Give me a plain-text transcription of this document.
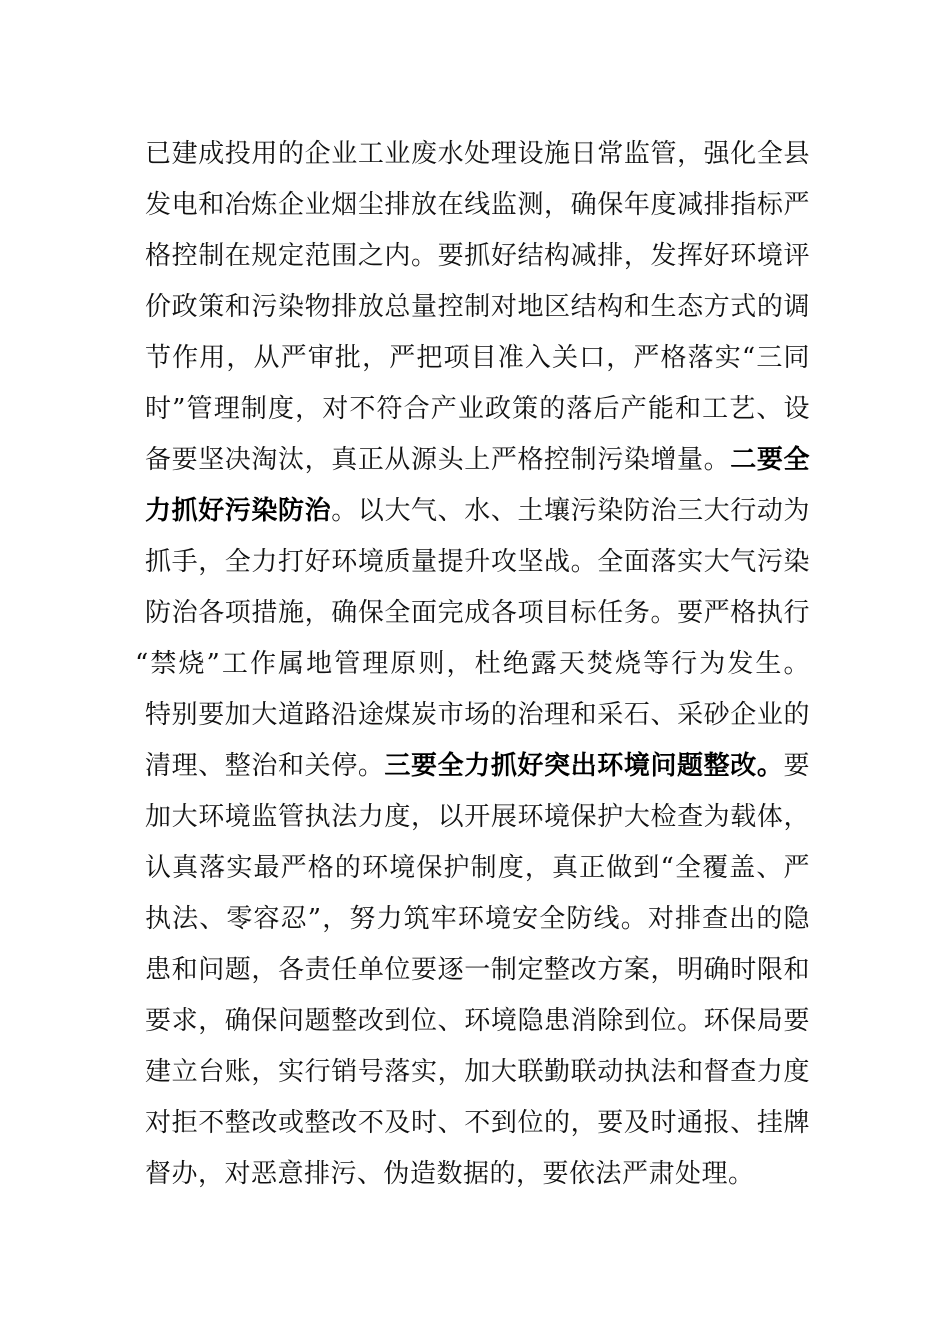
已建成投用的企业工业废水处理设施日常监管，强化全县
发电和冶炼企业烟尘排放在线监测，确保年度减排指标严
格控制在规定范围之内。要抓好结构减排，发挥好环境评
价政策和污染物排放总量控制对地区结构和生态方式的调
节作用，从严审批，严把项目准入关口，严格落实“三同
时”管理制度，对不符合产业政策的落后产能和工艺、设
备要坚决淘汰，真正从源头上严格控制污染增量。二要全
力抓好污染防治。以大气、水、土壤污染防治三大行动为
抓手，全力打好环境质量提升攻坚战。全面落实大气污染
防治各项措施，确保全面完成各项目标任务。要严格执行
“禁烧”工作属地管理原则，杜绝露天焚烧等行为发生。
特别要加大道路沿途煤炭市场的治理和采石、采砂企业的
清理、整治和关停。三要全力抓好突出环境问题整改。要
加大环境监管执法力度，以开展环境保护大检查为载体，
认真落实最严格的环境保护制度，真正做到“全覆盖、严
执法、零容忍”，努力筑牢环境安全防线。对排查出的隐
患和问题，各责任单位要逐一制定整改方案，明确时限和
要求，确保问题整改到位、环境隐患消除到位。环保局要
建立台账，实行销号落实，加大联勤联动执法和督查力度
对拒不整改或整改不及时、不到位的，要及时通报、挂牌
督办，对恶意排污、伪造数据的，要依法严肃处理。
